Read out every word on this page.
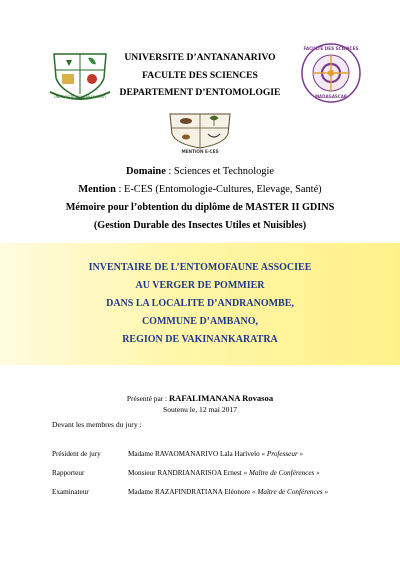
UNIVERSITE D'ANTANANARIVO
FACULTE DES SCIENCES
MADAGASCAR
UNIVERSITE D’ANTANANARIVO
FACULTE DES SCIENCES
DEPARTEMENT D’ENTOMOLOGIE
MENTION E-CES
Domaine : Sciences et Technologie
Mention : E-CES (Entomologie-Cultures, Elevage, Santé)
Mémoire pour l’obtention du diplôme de MASTER II GDINS
(Gestion Durable des Insectes Utiles et Nuisibles)
INVENTAIRE DE L’ENTOMOFAUNE ASSOCIEE
AU VERGER DE POMMIER
DANS LA LOCALITE D’ANDRANOMBE,
COMMUNE D’AMBANO,
REGION DE VAKINANKARATRA
Présenté par : RAFALIMANANA Rovasoa
Soutenu le, 12 mai 2017
Devant les membres du jury :
Président de jury	Madame RAVAOMANARIVO Lala Harivelo « Professeur »
Rapporteur	Monsieur RANDRIANARISOA Ernest « Maître de Conférences »
Examinateur	Madame RAZAFINDRATIANA Eléonore « Maître de Conférences »
